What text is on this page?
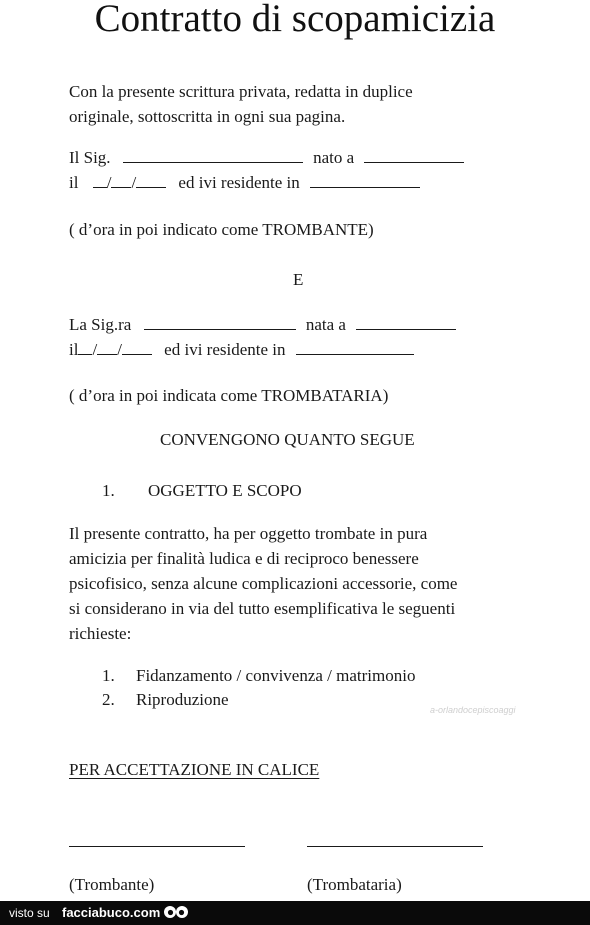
Contratto di scopamicizia
Con la presente scrittura privata, redatta in duplice
originale, sottoscritta in ogni sua pagina.
Il Sig.	nato a
il / / ed ivi residente in
( d’ora in poi indicato come TROMBANTE)
E
La Sig.ra	nata a
il / / ed ivi residente in
( d’ora in poi indicata come TROMBATARIA)
CONVENGONO QUANTO SEGUE
1. OGGETTO E SCOPO
Il presente contratto, ha per oggetto trombate in pura
amicizia per finalità ludica e di reciproco benessere
psicofisico, senza alcune complicazioni accessorie, come
si considerano in via del tutto esemplificativa le seguenti
richieste:
1. Fidanzamento / convivenza / matrimonio
2. Riproduzione
a-orlandocepiscoaggi
PER ACCETTAZIONE IN CALICE
(Trombante)	(Trombataria)
visto su facciabuco.com
